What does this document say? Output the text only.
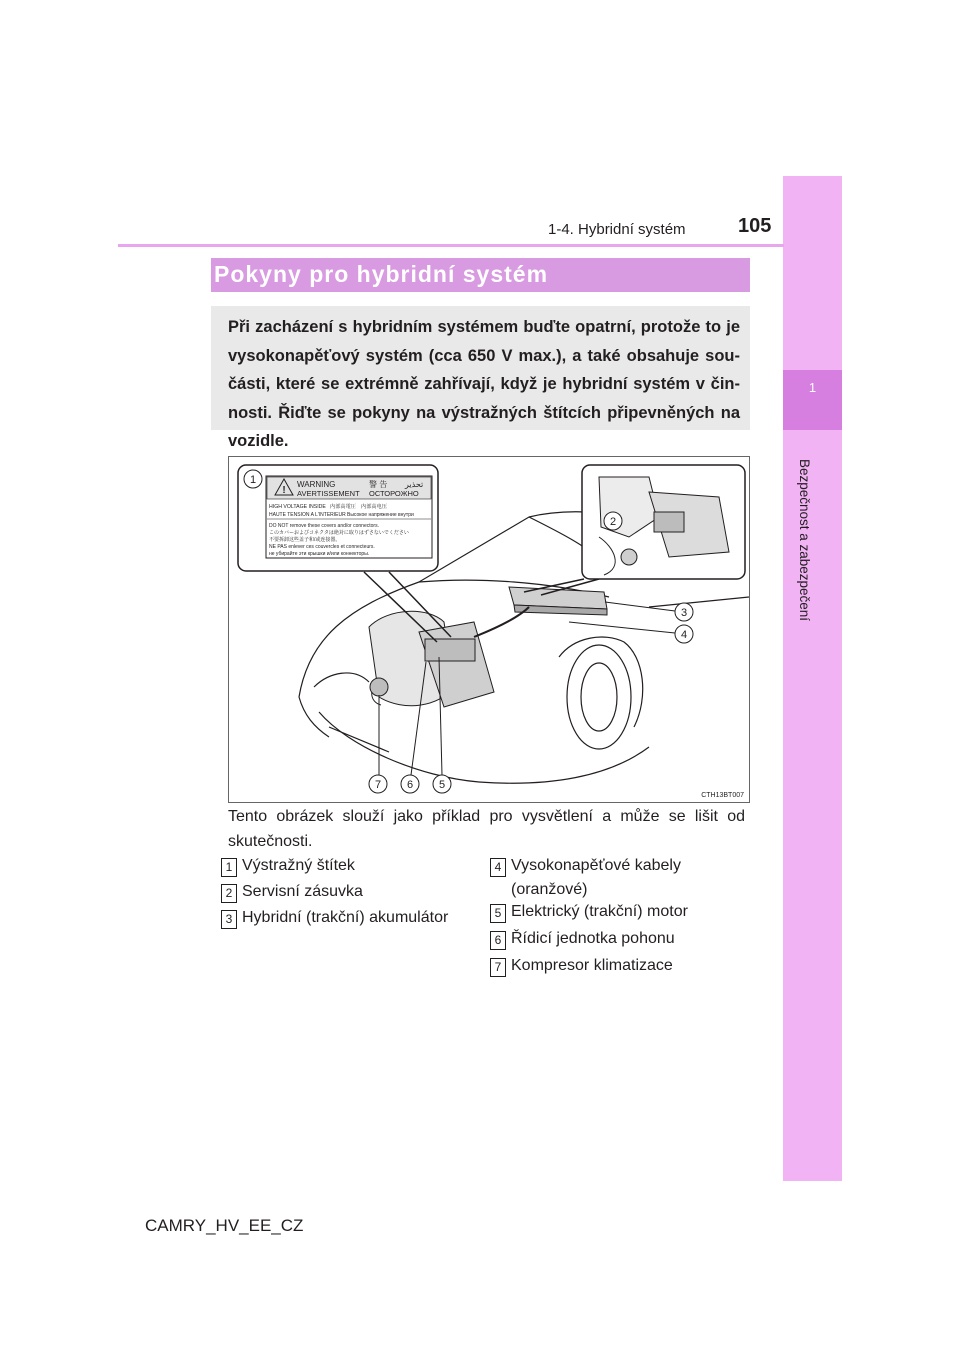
1
Bezpečnost a zabezpečení
1-4. Hybridní systém	105
Pokyny pro hybridní systém
Při zacházení s hybridním systémem buďte opatrní, protože to je vysokonapěťový systém (cca 650 V max.), a také obsahuje sou-části, které se extrémně zahřívají, když je hybridní systém v čin-nosti. Řiďte se pokyny na výstražných štítcích připevněných na vozidle.
!
WARNING	警 告 تحذير
AVERTISSEMENT ОСТОРОЖНО
HIGH VOLTAGE INSIDE 内部高電圧 内部高电压
HAUTE TENSION A L'INTERIEUR Высокое напряжение внутри
DO NOT remove these covers and/or connectors.
このカバーおよびコネクタは絶対に取りはずさないでください
不要拆卸这些盖子和/或连接器。
NE PAS enlever ces couvercles et connecteurs.
не убирайте эти крышки и/или коннекторы.
1
2
3
4
5
6
7
CTH13BT007
Tento obrázek slouží jako příklad pro vysvětlení a může se lišit od skutečnosti.
1 Výstražný štítek
2 Servisní zásuvka
3 Hybridní (trakční) akumulátor
4 Vysokonapěťové kabely (oranžové)
5 Elektrický (trakční) motor
6 Řídicí jednotka pohonu
7 Kompresor klimatizace
CAMRY_HV_EE_CZ
